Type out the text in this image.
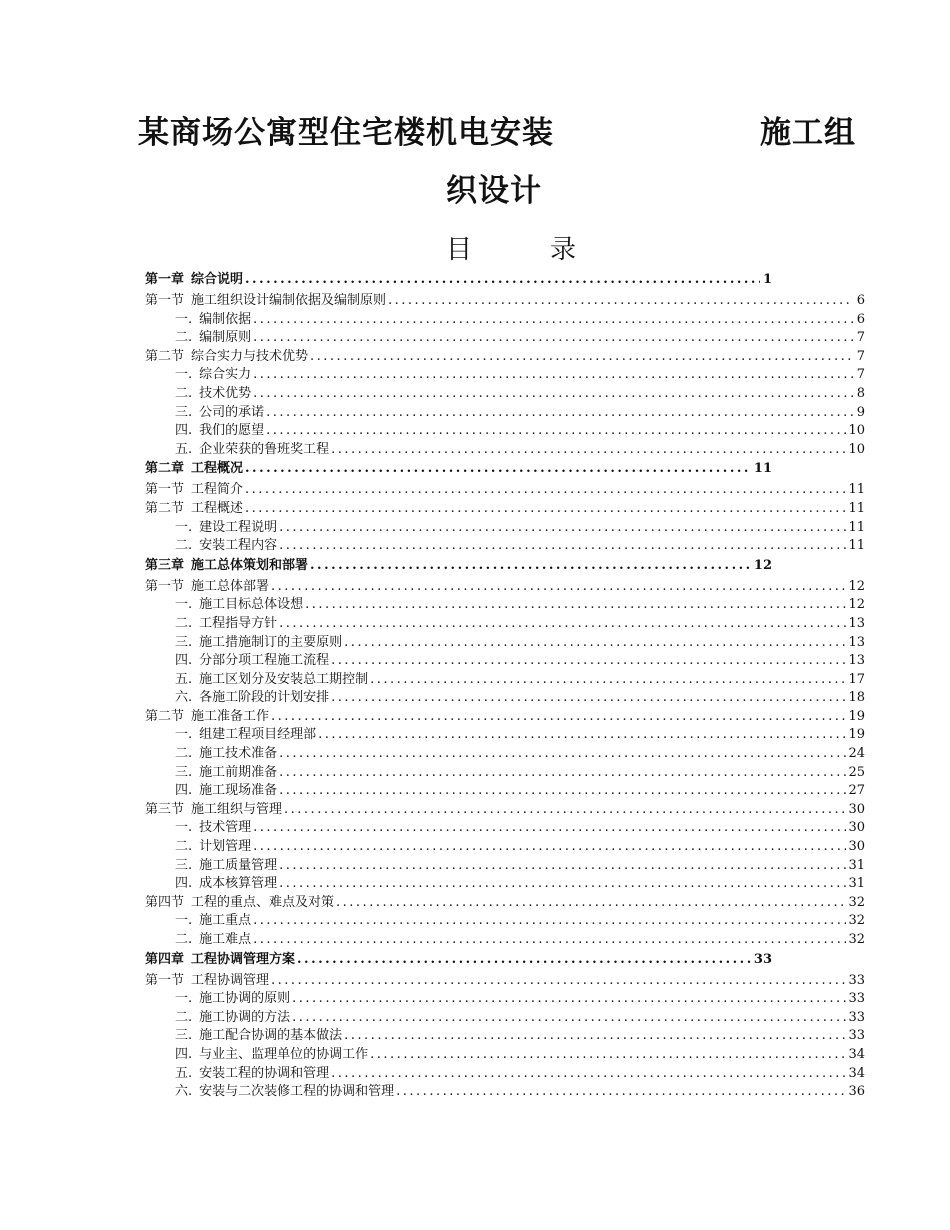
某商场公寓型住宅楼机电安装	施工组
织设计
目	录
第一章 综合说明 .....	1
第一节 施工组织设计编制依据及编制原则 .....	6
一. 编制依据 .....	6
二. 编制原则 .....	7
第二节 综合实力与技术优势 .....	7
一. 综合实力 .....	7
二. 技术优势 .....	8
三. 公司的承诺 .....	9
四. 我们的愿望 .....	10
五. 企业荣获的鲁班奖工程 .....	10
第二章 工程概况 .....	11
第一节 工程简介 .....	11
第二节 工程概述 .....	11
一. 建设工程说明 .....	11
二. 安装工程内容 .....	11
第三章 施工总体策划和部署 .....	12
第一节 施工总体部署 .....	12
一. 施工目标总体设想 .....	12
二. 工程指导方针 .....	13
三. 施工措施制订的主要原则 .....	13
四. 分部分项工程施工流程 .....	13
五. 施工区划分及安装总工期控制 .....	17
六. 各施工阶段的计划安排 .....	18
第二节 施工准备工作 .....	19
一. 组建工程项目经理部 .....	19
二. 施工技术准备 .....	24
三. 施工前期准备 .....	25
四. 施工现场准备 .....	27
第三节 施工组织与管理 .....	30
一. 技术管理 .....	30
二. 计划管理 .....	30
三. 施工质量管理 .....	31
四. 成本核算管理 .....	31
第四节 工程的重点、难点及对策 .....	32
一. 施工重点 .....	32
二. 施工难点 .....	32
第四章 工程协调管理方案 .....	33
第一节 工程协调管理 .....	33
一. 施工协调的原则 .....	33
二. 施工协调的方法 .....	33
三. 施工配合协调的基本做法 .....	33
四. 与业主、监理单位的协调工作 .....	34
五. 安装工程的协调和管理 .....	34
六. 安装与二次装修工程的协调和管理 .....	36
